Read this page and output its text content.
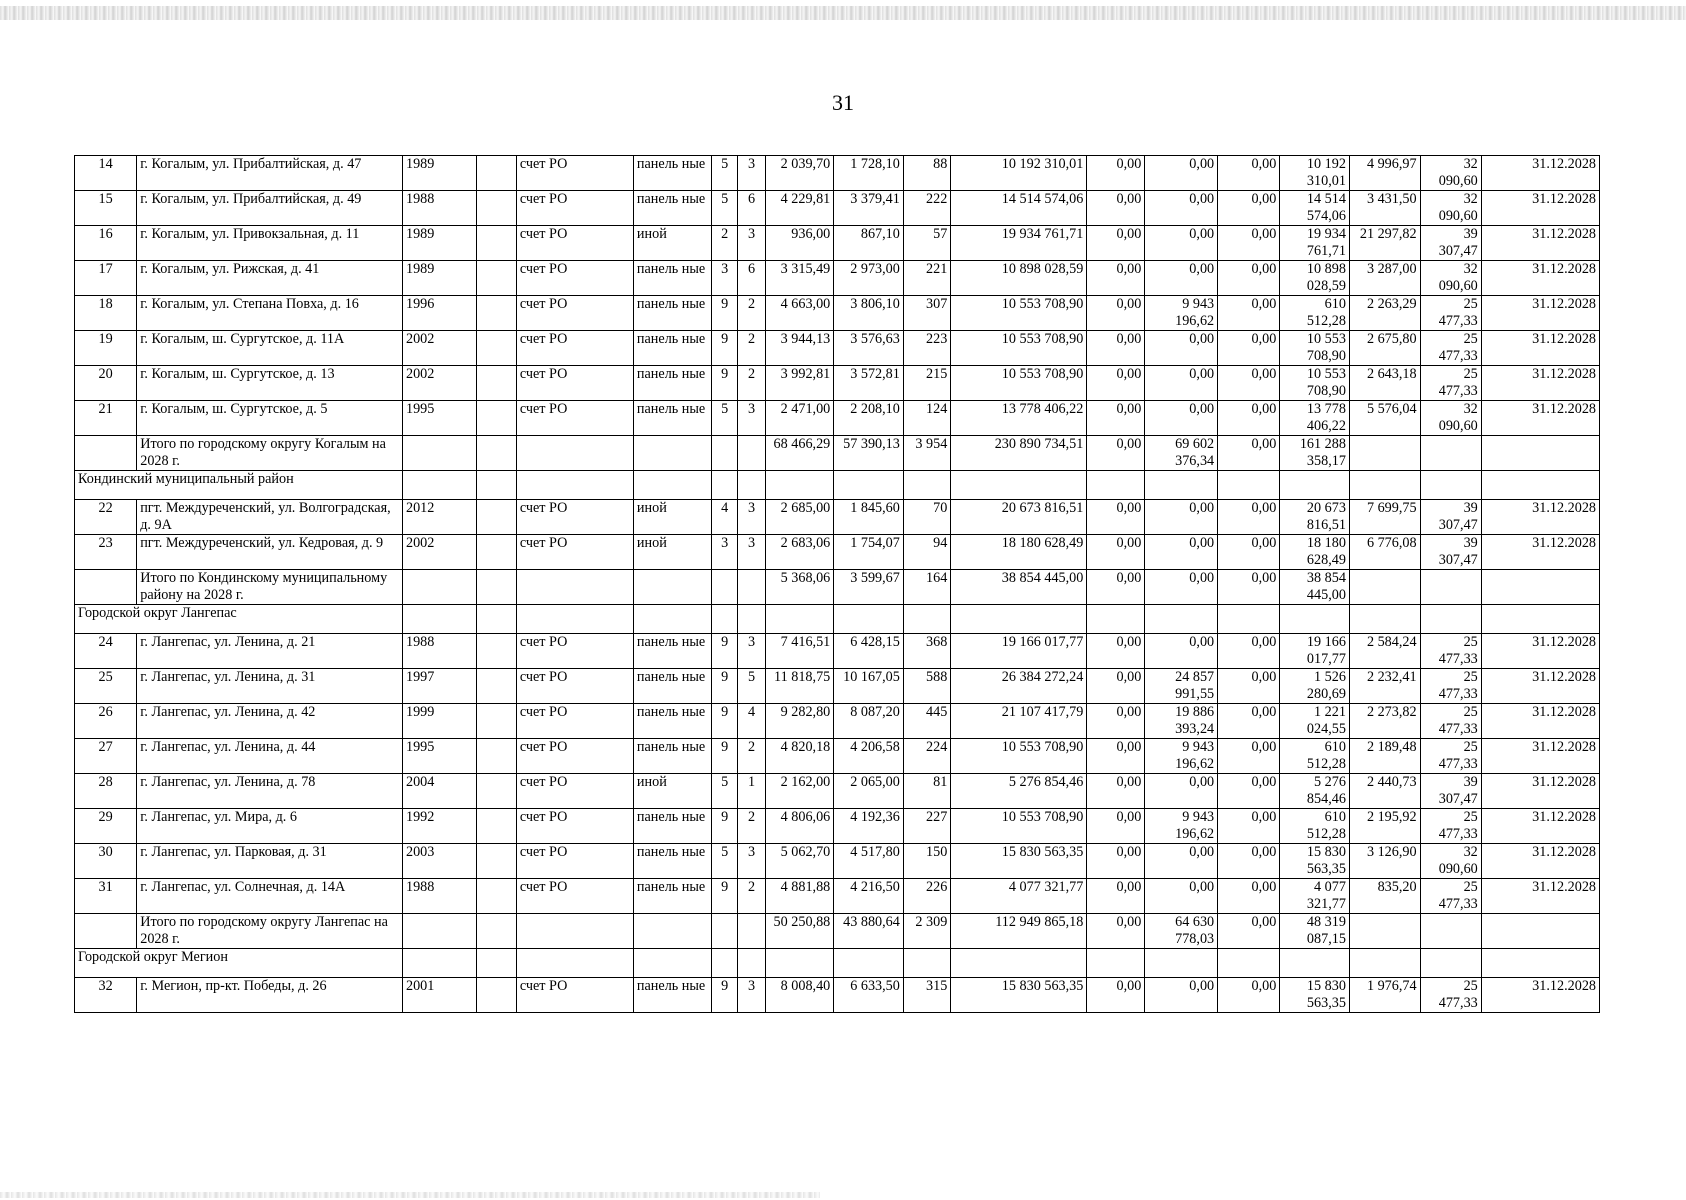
31
14	г. Когалым, ул. Прибалтийская, д. 47	1989		счет РО	панель ные	5	3	2 039,70	1 728,10	88	10 192 310,01	0,00	0,00	0,00	10 192 310,01	4 996,97	32 090,60	31.12.2028
15	г. Когалым, ул. Прибалтийская, д. 49	1988		счет РО	панель ные	5	6	4 229,81	3 379,41	222	14 514 574,06	0,00	0,00	0,00	14 514 574,06	3 431,50	32 090,60	31.12.2028
16	г. Когалым, ул. Привокзальная, д. 11	1989		счет РО	иной	2	3	936,00	867,10	57	19 934 761,71	0,00	0,00	0,00	19 934 761,71	21 297,82	39 307,47	31.12.2028
17	г. Когалым, ул. Рижская, д. 41	1989		счет РО	панель ные	3	6	3 315,49	2 973,00	221	10 898 028,59	0,00	0,00	0,00	10 898 028,59	3 287,00	32 090,60	31.12.2028
18	г. Когалым, ул. Степана Повха, д. 16	1996		счет РО	панель ные	9	2	4 663,00	3 806,10	307	10 553 708,90	0,00	9 943 196,62	0,00	610 512,28	2 263,29	25 477,33	31.12.2028
19	г. Когалым, ш. Сургутское, д. 11А	2002		счет РО	панель ные	9	2	3 944,13	3 576,63	223	10 553 708,90	0,00	0,00	0,00	10 553 708,90	2 675,80	25 477,33	31.12.2028
20	г. Когалым, ш. Сургутское, д. 13	2002		счет РО	панель ные	9	2	3 992,81	3 572,81	215	10 553 708,90	0,00	0,00	0,00	10 553 708,90	2 643,18	25 477,33	31.12.2028
21	г. Когалым, ш. Сургутское, д. 5	1995		счет РО	панель ные	5	3	2 471,00	2 208,10	124	13 778 406,22	0,00	0,00	0,00	13 778 406,22	5 576,04	32 090,60	31.12.2028
	Итого по городскому округу Когалым на 2028 г.							68 466,29	57 390,13	3 954	230 890 734,51	0,00	69 602 376,34	0,00	161 288 358,17			
Кондинский муниципальный район																		
22	пгт. Междуреченский, ул. Волгоградская, д. 9А	2012		счет РО	иной	4	3	2 685,00	1 845,60	70	20 673 816,51	0,00	0,00	0,00	20 673 816,51	7 699,75	39 307,47	31.12.2028
23	пгт. Междуреченский, ул. Кедровая, д. 9	2002		счет РО	иной	3	3	2 683,06	1 754,07	94	18 180 628,49	0,00	0,00	0,00	18 180 628,49	6 776,08	39 307,47	31.12.2028
	Итого по Кондинскому муниципальному району на 2028 г.							5 368,06	3 599,67	164	38 854 445,00	0,00	0,00	0,00	38 854 445,00			
Городской округ Лангепас																		
24	г. Лангепас, ул. Ленина, д. 21	1988		счет РО	панель ные	9	3	7 416,51	6 428,15	368	19 166 017,77	0,00	0,00	0,00	19 166 017,77	2 584,24	25 477,33	31.12.2028
25	г. Лангепас, ул. Ленина, д. 31	1997		счет РО	панель ные	9	5	11 818,75	10 167,05	588	26 384 272,24	0,00	24 857 991,55	0,00	1 526 280,69	2 232,41	25 477,33	31.12.2028
26	г. Лангепас, ул. Ленина, д. 42	1999		счет РО	панель ные	9	4	9 282,80	8 087,20	445	21 107 417,79	0,00	19 886 393,24	0,00	1 221 024,55	2 273,82	25 477,33	31.12.2028
27	г. Лангепас, ул. Ленина, д. 44	1995		счет РО	панель ные	9	2	4 820,18	4 206,58	224	10 553 708,90	0,00	9 943 196,62	0,00	610 512,28	2 189,48	25 477,33	31.12.2028
28	г. Лангепас, ул. Ленина, д. 78	2004		счет РО	иной	5	1	2 162,00	2 065,00	81	5 276 854,46	0,00	0,00	0,00	5 276 854,46	2 440,73	39 307,47	31.12.2028
29	г. Лангепас, ул. Мира, д. 6	1992		счет РО	панель ные	9	2	4 806,06	4 192,36	227	10 553 708,90	0,00	9 943 196,62	0,00	610 512,28	2 195,92	25 477,33	31.12.2028
30	г. Лангепас, ул. Парковая, д. 31	2003		счет РО	панель ные	5	3	5 062,70	4 517,80	150	15 830 563,35	0,00	0,00	0,00	15 830 563,35	3 126,90	32 090,60	31.12.2028
31	г. Лангепас, ул. Солнечная, д. 14А	1988		счет РО	панель ные	9	2	4 881,88	4 216,50	226	4 077 321,77	0,00	0,00	0,00	4 077 321,77	835,20	25 477,33	31.12.2028
	Итого по городскому округу Лангепас на 2028 г.							50 250,88	43 880,64	2 309	112 949 865,18	0,00	64 630 778,03	0,00	48 319 087,15			
Городской округ Мегион																		
32	г. Мегион, пр-кт. Победы, д. 26	2001		счет РО	панель ные	9	3	8 008,40	6 633,50	315	15 830 563,35	0,00	0,00	0,00	15 830 563,35	1 976,74	25 477,33	31.12.2028
